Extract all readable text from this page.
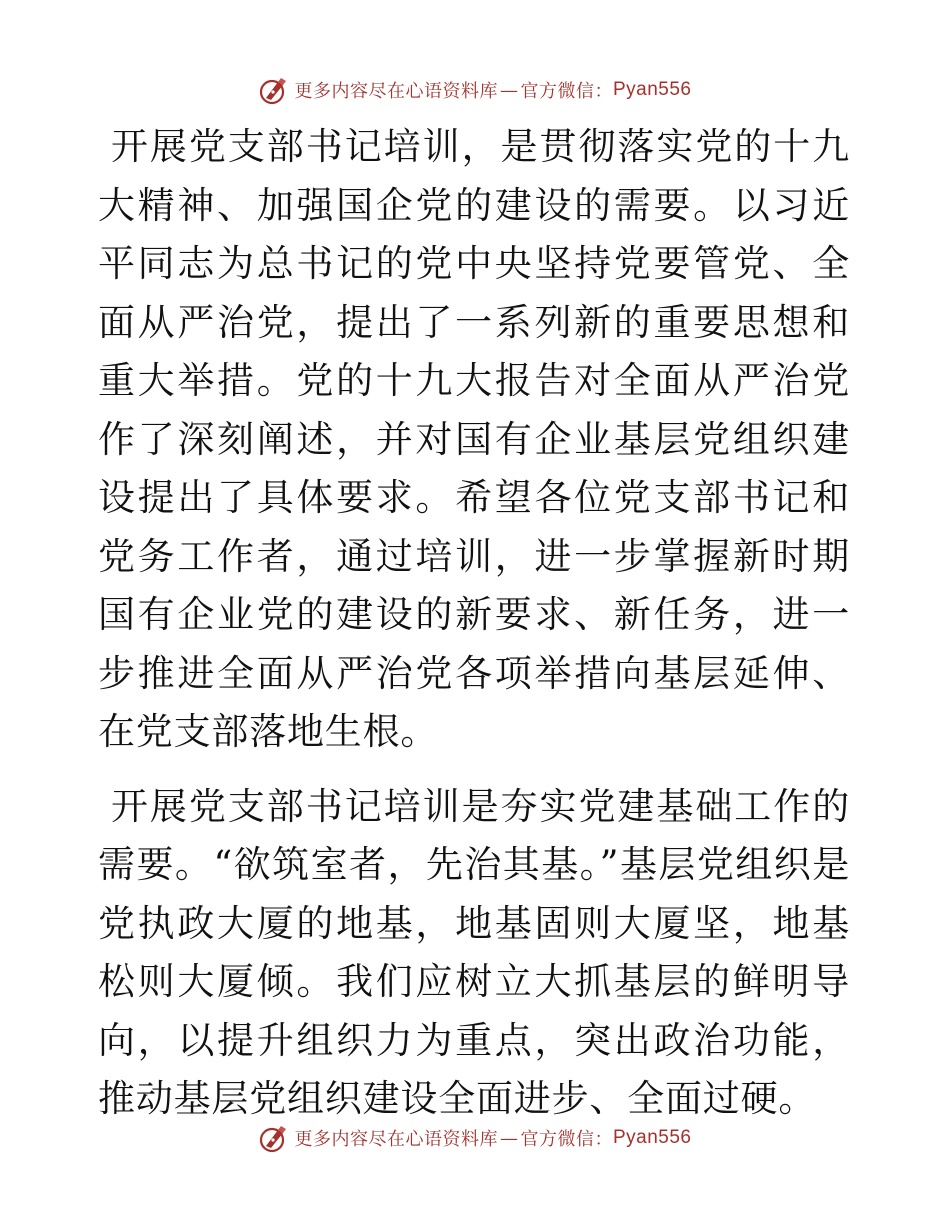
更多内容尽在心语资料库 — 官方微信： Pyan556

开展党支部书记培训，是贯彻落实党的十九大精神、加强国企党的建设的需要。以习近平同志为总书记的党中央坚持党要管党、全面从严治党，提出了一系列新的重要思想和重大举措。党的十九大报告对全面从严治党作了深刻阐述，并对国有企业基层党组织建设提出了具体要求。希望各位党支部书记和党务工作者，通过培训，进一步掌握新时期国有企业党的建设的新要求、新任务，进一步推进全面从严治党各项举措向基层延伸、在党支部落地生根。

开展党支部书记培训是夯实党建基础工作的需要。“欲筑室者，先治其基。”基层党组织是党执政大厦的地基，地基固则大厦坚，地基松则大厦倾。我们应树立大抓基层的鲜明导向，以提升组织力为重点，突出政治功能，推动基层党组织建设全面进步、全面过硬。

更多内容尽在心语资料库 — 官方微信： Pyan556
